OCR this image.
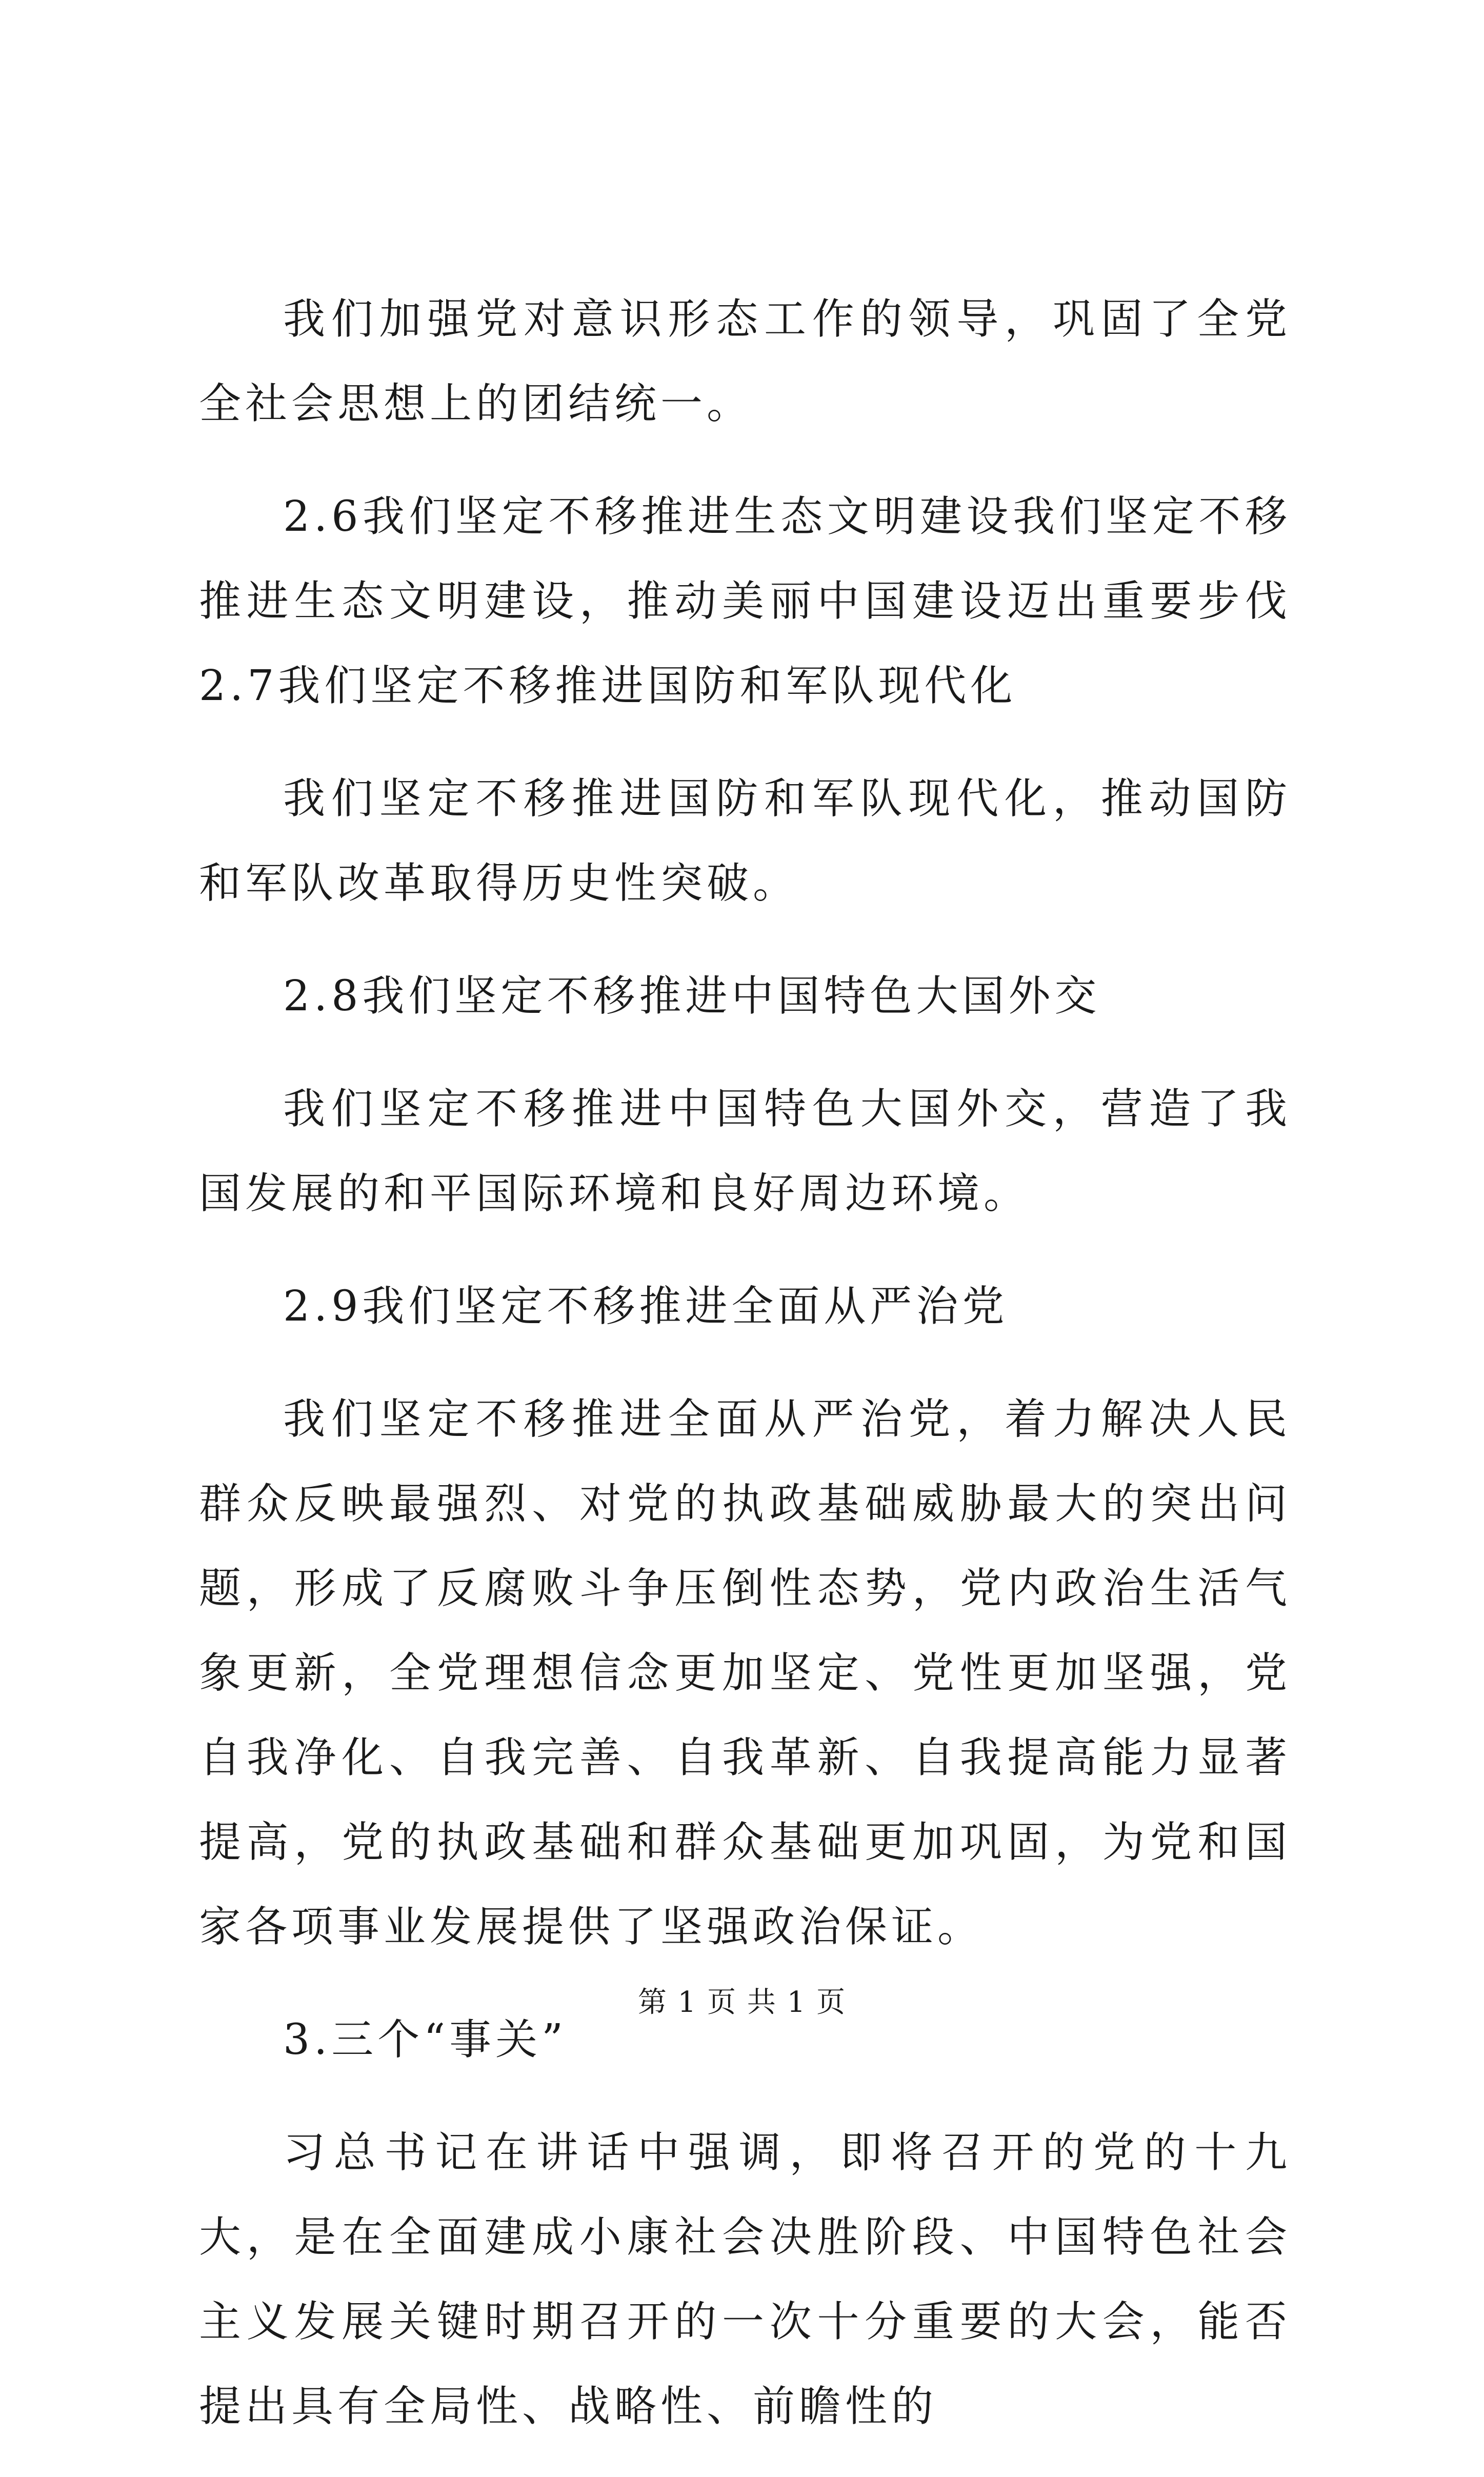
我们加强党对意识形态工作的领导，巩固了全党全社会思想上的团结统一。

2.6我们坚定不移推进生态文明建设我们坚定不移推进生态文明建设，推动美丽中国建设迈出重要步伐2.7我们坚定不移推进国防和军队现代化

我们坚定不移推进国防和军队现代化，推动国防和军队改革取得历史性突破。

2.8我们坚定不移推进中国特色大国外交

我们坚定不移推进中国特色大国外交，营造了我国发展的和平国际环境和良好周边环境。

2.9我们坚定不移推进全面从严治党

我们坚定不移推进全面从严治党，着力解决人民群众反映最强烈、对党的执政基础威胁最大的突出问题，形成了反腐败斗争压倒性态势，党内政治生活气象更新，全党理想信念更加坚定、党性更加坚强，党自我净化、自我完善、自我革新、自我提高能力显著提高，党的执政基础和群众基础更加巩固，为党和国家各项事业发展提供了坚强政治保证。

3.三个“事关”

习总书记在讲话中强调，即将召开的党的十九大，是在全面建成小康社会决胜阶段、中国特色社会主义发展关键时期召开的一次十分重要的大会，能否提出具有全局性、战略性、前瞻性的

第 1 页 共 1 页
